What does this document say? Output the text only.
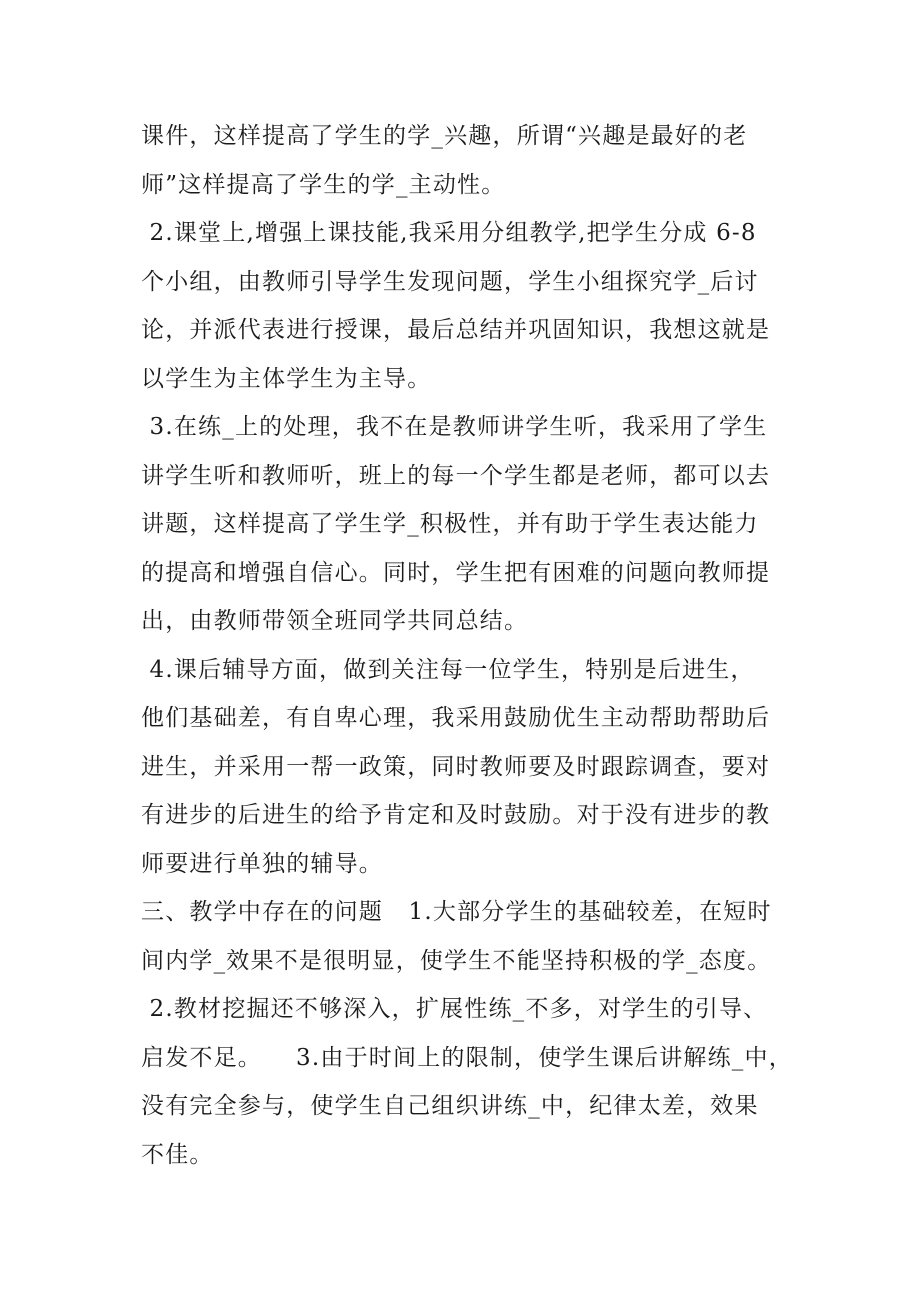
课件，这样提高了学生的学_兴趣，所谓“兴趣是最好的老
师”这样提高了学生的学_主动性。
2.课堂上,增强上课技能,我采用分组教学,把学生分成 6-8
个小组，由教师引导学生发现问题，学生小组探究学_后讨
论，并派代表进行授课，最后总结并巩固知识，我想这就是
以学生为主体学生为主导。
3.在练_上的处理，我不在是教师讲学生听，我采用了学生
讲学生听和教师听，班上的每一个学生都是老师，都可以去
讲题，这样提高了学生学_积极性，并有助于学生表达能力
的提高和增强自信心。同时，学生把有困难的问题向教师提
出，由教师带领全班同学共同总结。
4.课后辅导方面，做到关注每一位学生，特别是后进生，
他们基础差，有自卑心理，我采用鼓励优生主动帮助帮助后
进生，并采用一帮一政策，同时教师要及时跟踪调查，要对
有进步的后进生的给予肯定和及时鼓励。对于没有进步的教
师要进行单独的辅导。
三、教学中存在的问题   1.大部分学生的基础较差，在短时
间内学_效果不是很明显，使学生不能坚持积极的学_态度。
2.教材挖掘还不够深入，扩展性练_不多，对学生的引导、
启发不足。    3.由于时间上的限制，使学生课后讲解练_中，
没有完全参与，使学生自己组织讲练_中，纪律太差，效果
不佳。
